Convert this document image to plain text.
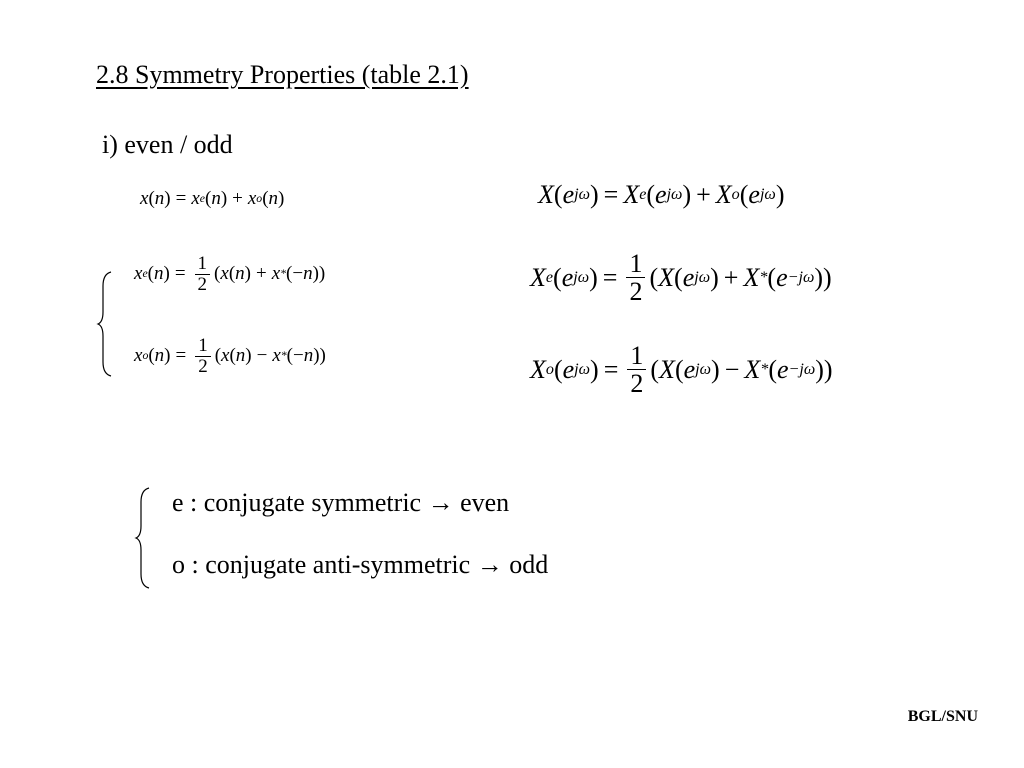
2.8 Symmetry Properties (table 2.1)
i) even / odd
x ( n ) = x e ( n ) + x o ( n )	X ( e jω ) = X e ( e jω ) + X o ( e jω )
x e ( n ) = $\frac{1}{2}$ ( x ( n ) + x * (− n ))
x o ( n ) = $\frac{1}{2}$ ( x ( n ) − x * (− n ))
X e ( e jω ) = $\frac{1}{2}$ ( X ( e jω ) + X * ( e −jω ))
X o ( e jω ) = $\frac{1}{2}$ ( X ( e jω ) − X * ( e −jω ))
e : conjugate symmetric → even
o : conjugate anti-symmetric → odd
BGL/SNU
